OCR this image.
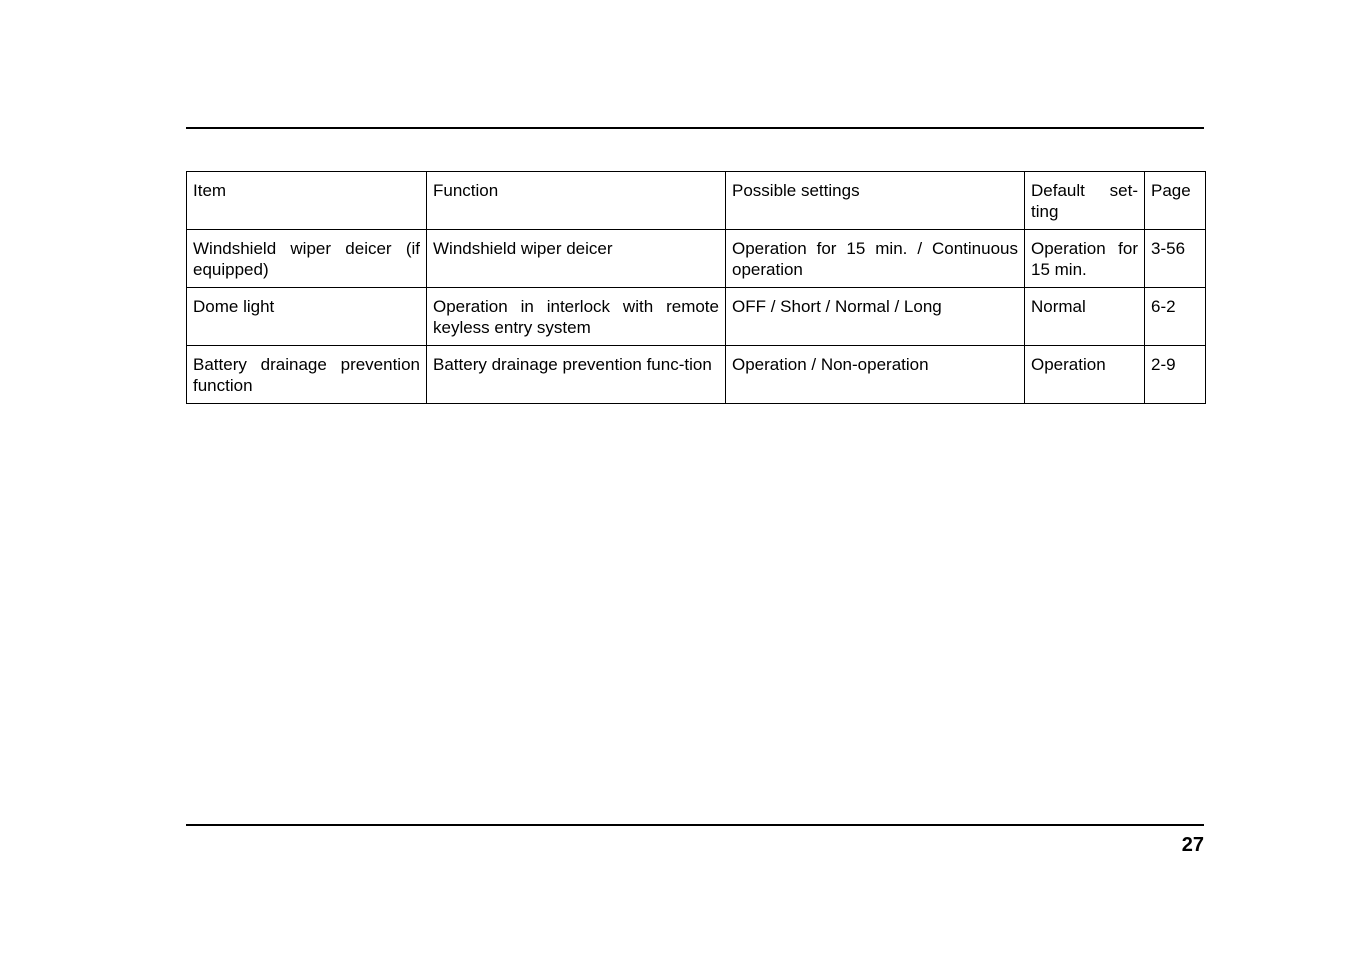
Item	Function	Possible settings	Default set-ting	Page
Windshield wiper deicer (if equipped)	Windshield wiper deicer	Operation for 15 min. / Continuous operation	Operation for 15 min.	3-56
Dome light	Operation in interlock with remote keyless entry system	OFF / Short / Normal / Long	Normal	6-2
Battery drainage prevention function	Battery drainage prevention func-tion	Operation / Non-operation	Operation	2-9
27
